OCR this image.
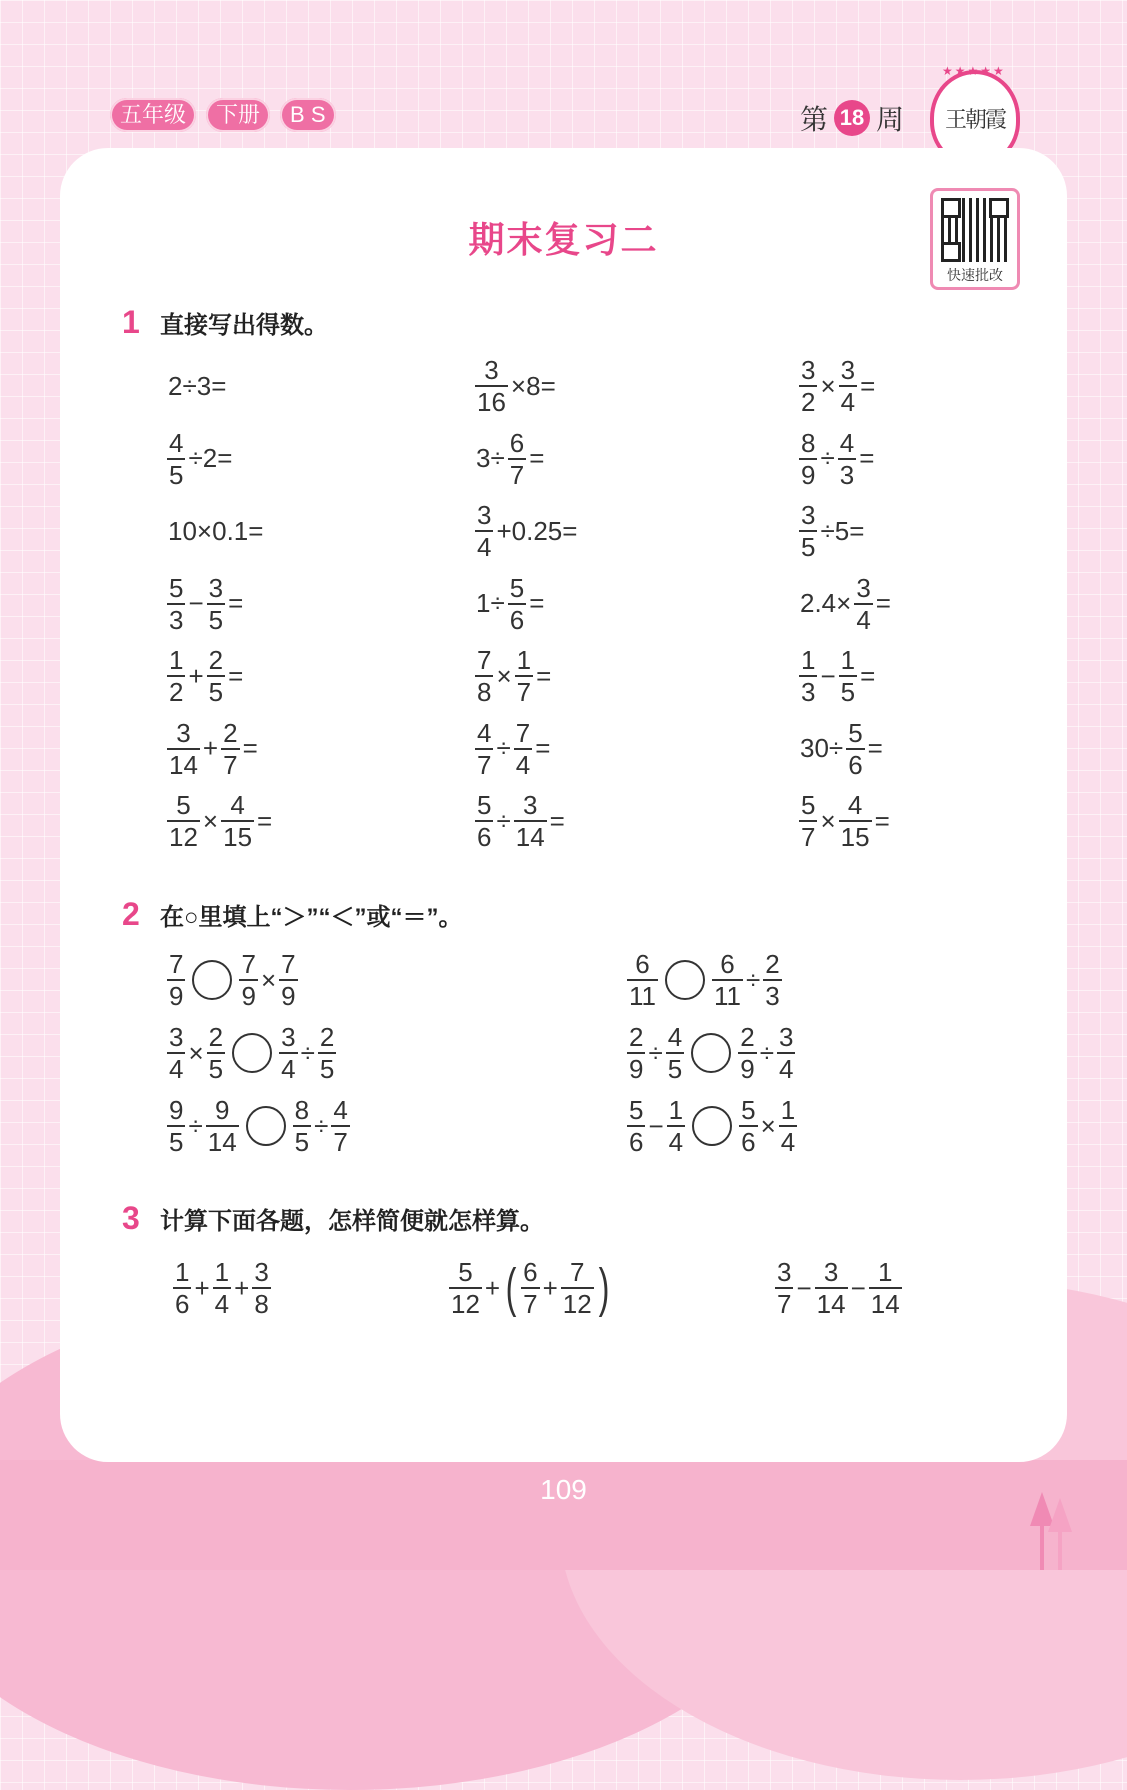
五年级	下册	B S	第 18 周
★★★★★
王朝霞
快速批改
期末复习二
1 直接写出得数。
2÷3=	$\frac{3}{16} \times 8=$	$\frac{3}{2} \times \frac{3}{4}$ =
$\frac{4}{5} \div 2=$	$3\div \frac{6}{7}$ =	$\frac{8}{9} \div \frac{4}{3}$ =
10×0.1=	$\frac{3}{4} +0.25=$	$\frac{3}{5} \div 5=$
$\frac{5}{3} - \frac{3}{5}$ =	$1\div \frac{5}{6}$ =	$2.4\times \frac{3}{4}$ =
$\frac{1}{2} + \frac{2}{5}$ =	$\frac{7}{8} \times \frac{1}{7}$ =	$\frac{1}{3} - \frac{1}{5}$ =
$\frac{3}{14} + \frac{2}{7}$ =	$\frac{4}{7} \div \frac{7}{4}$ =	$30\div \frac{5}{6}$ =
$\frac{5}{12} \times \frac{4}{15}$ =	$\frac{5}{6} \div \frac{3}{14}$ =	$\frac{5}{7} \times \frac{4}{15}$ =
2 在○里填上“＞”“＜”或“＝”。
$\frac{7}{9} \frac{7}{9} \times \frac{7}{9}$	$\frac{6}{11} \frac{6}{11} \div \frac{2}{3}$
$\frac{3}{4} \times \frac{2}{5} \frac{3}{4} \div \frac{2}{5}$	$\frac{2}{9} \div \frac{4}{5} \frac{2}{9} \div \frac{3}{4}$
$\frac{9}{5} \div \frac{9}{14} \frac{8}{5} \div \frac{4}{7}$	$\frac{5}{6} - \frac{1}{4} \frac{5}{6} \times \frac{1}{4}$
3 计算下面各题，怎样简便就怎样算。
$\frac{1}{6} + \frac{1}{4} + \frac{3}{8}$	$\frac{5}{12}$ + ( $\frac{6}{7} + \frac{7}{12}$ )	$\frac{3}{7} - \frac{3}{14} - \frac{1}{14}$
109
